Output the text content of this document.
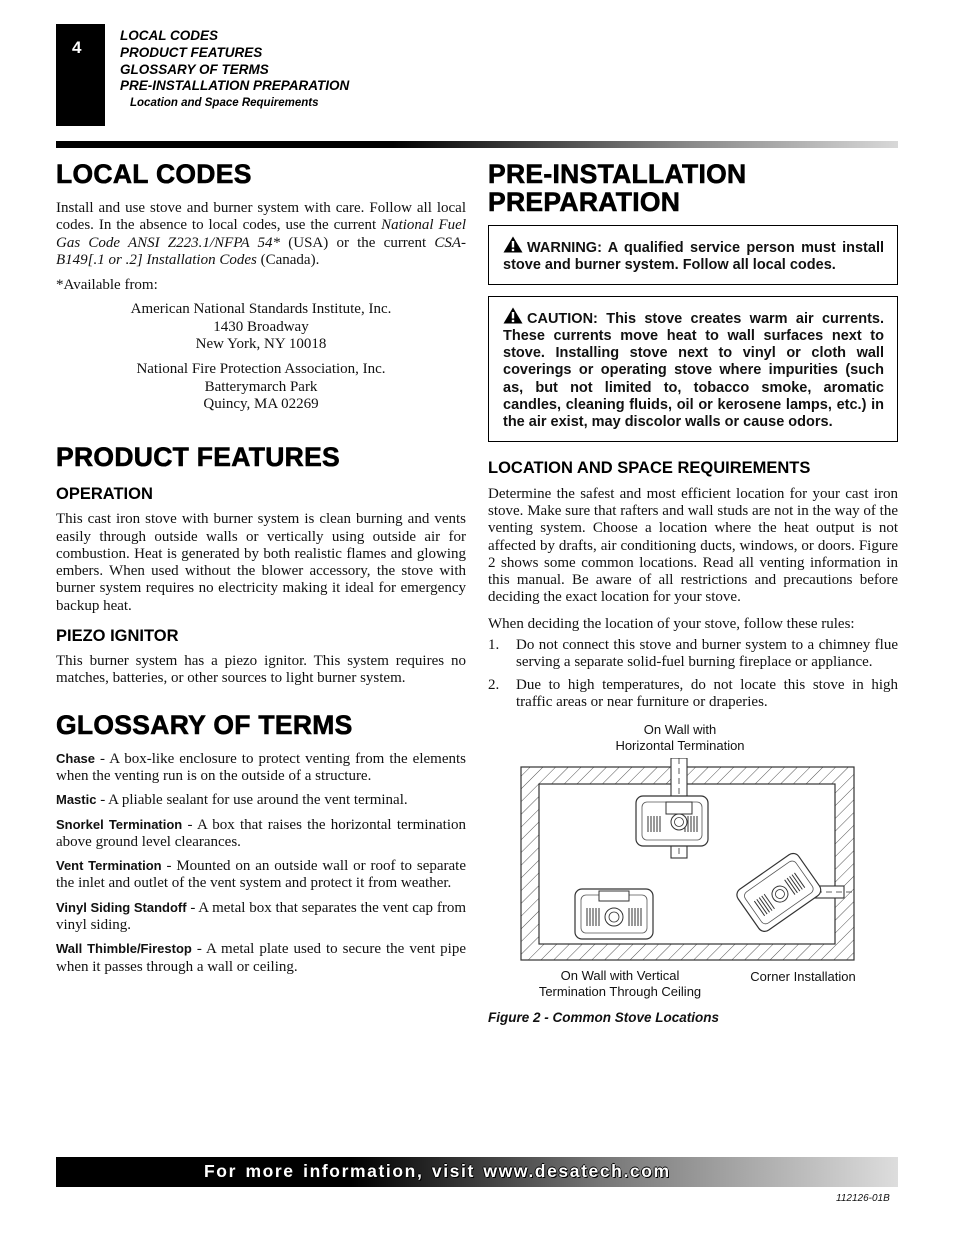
4
LOCAL CODES
PRODUCT FEATURES
GLOSSARY OF TERMS
PRE-INSTALLATION PREPARATION
Location and Space Requirements
LOCAL CODES

Install and use stove and burner system with care. Follow all local codes. In the absence to local codes, use the current National Fuel Gas Code ANSI Z223.1/NFPA 54* (USA) or the current CSA-B149[.1 or .2] Installation Codes (Canada).

*Available from:

American National Standards Institute, Inc.
1430 Broadway
New York, NY 10018
National Fire Protection Association, Inc.
Batterymarch Park
Quincy, MA 02269
PRODUCT FEATURES
OPERATION

This cast iron stove with burner system is clean burning and vents easily through outside walls or vertically using outside air for combustion. Heat is generated by both realistic flames and glowing embers. When used without the blower accessory, the stove with burner system requires no electricity making it ideal for emergency backup heat.

PIEZO IGNITOR

This burner system has a piezo ignitor. This system requires no matches, batteries, or other sources to light burner system.

GLOSSARY OF TERMS

Chase - A box-like enclosure to protect venting from the elements when the venting run is on the outside of a structure.

Mastic - A pliable sealant for use around the vent terminal.

Snorkel Termination - A box that raises the horizontal termination above ground level clearances.

Vent Termination - Mounted on an outside wall or roof to separate the inlet and outlet of the vent system and protect it from weather.

Vinyl Siding Standoff - A metal box that separates the vent cap from vinyl siding.

Wall Thimble/Firestop - A metal plate used to secure the vent pipe when it passes through a wall or ceiling.

PRE-INSTALLATION PREPARATION
WARNING: A qualified service person must install stove and burner system. Follow all local codes.
CAUTION: This stove creates warm air currents. These currents move heat to wall surfaces next to stove. Installing stove next to vinyl or cloth wall coverings or operating stove where impurities (such as, but not limited to, tobacco smoke, aromatic candles, cleaning fluids, oil or kerosene lamps, etc.) in the air exist, may discolor walls or cause odors.
LOCATION AND SPACE REQUIREMENTS

Determine the safest and most efficient location for your cast iron stove. Make sure that rafters and wall studs are not in the way of the venting system. Choose a location where the heat output is not affected by drafts, air conditioning ducts, windows, or doors. Figure 2 shows some common locations. Read all venting information in this manual. Be aware of all restrictions and precautions before deciding the exact location for your stove.

When deciding the location of your stove, follow these rules:

1. Do not connect this stove and burner system to a chimney flue serving a separate solid-fuel burning fireplace or appliance.
2. Due to high temperatures, do not locate this stove in high traffic areas or near furniture or draperies.
On Wall with
Horizontal Termination
On Wall with Vertical
Termination Through Ceiling
Corner Installation
Figure 2 - Common Stove Locations
For more information, visit www.desatech.com
112126-01B
